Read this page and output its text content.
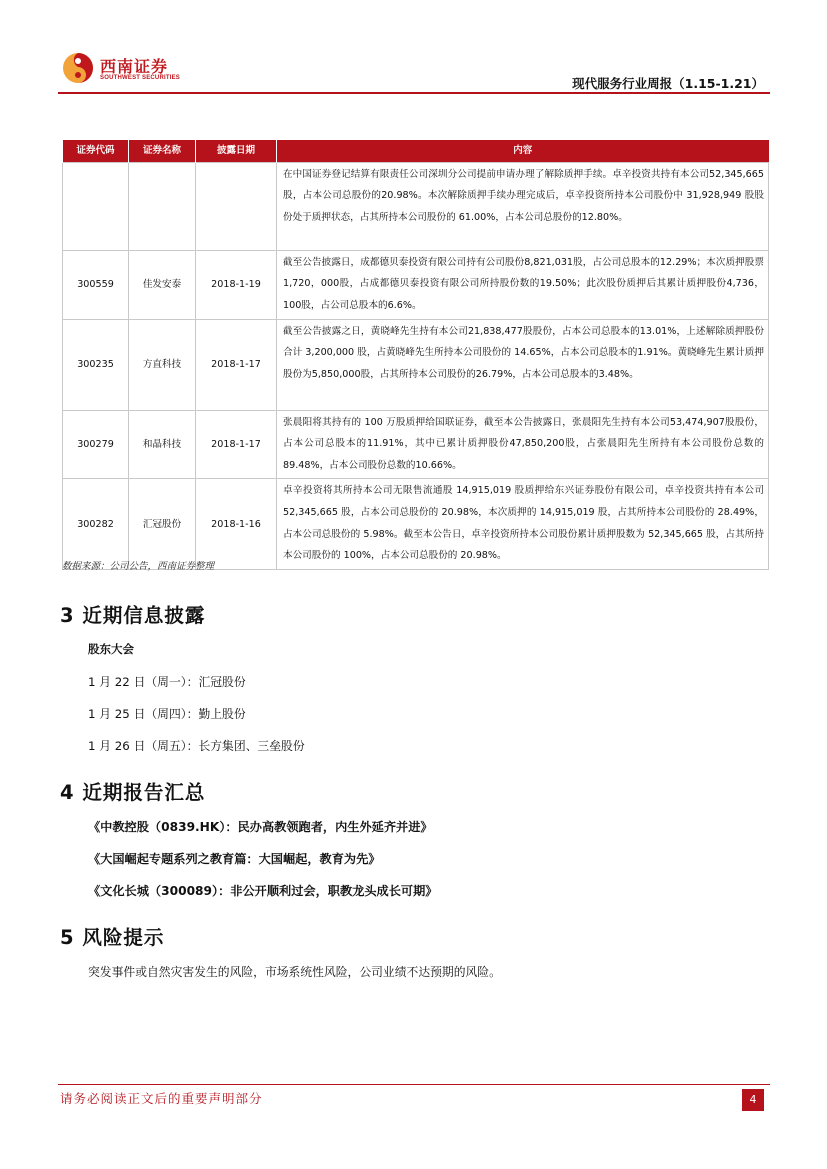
西南证券
SOUTHWEST SECURITIES	现代服务行业周报（1.15-1.21）
证券代码	证券名称	披露日期	内容
			在中国证券登记结算有限责任公司深圳分公司提前申请办理了解除质押手续。卓辛投资共持有本公司52,345,665股，占本公司总股份的20.98%。本次解除质押手续办理完成后，卓辛投资所持本公司股份中 31,928,949 股股份处于质押状态，占其所持本公司股份的 61.00%，占本公司总股份的12.80%。
300559	佳发安泰	2018-1-19	截至公告披露日，成都德贝泰投资有限公司持有公司股份8,821,031股，占公司总股本的12.29%；本次质押股票1,720，000股，占成都德贝泰投资有限公司所持股份数的19.50%；此次股份质押后其累计质押股份4,736，100股，占公司总股本的6.6%。
300235	方直科技	2018-1-17	截至公告披露之日，黄晓峰先生持有本公司21,838,477股股份，占本公司总股本的13.01%，上述解除质押股份合计 3,200,000 股，占黄晓峰先生所持本公司股份的 14.65%，占本公司总股本的1.91%。黄晓峰先生累计质押股份为5,850,000股，占其所持本公司股份的26.79%，占本公司总股本的3.48%。
300279	和晶科技	2018-1-17	张晨阳将其持有的 100 万股质押给国联证券，截至本公告披露日，张晨阳先生持有本公司53,474,907股股份，占本公司总股本的11.91%，其中已累计质押股份47,850,200股，占张晨阳先生所持有本公司股份总数的89.48%，占本公司股份总数的10.66%。
300282	汇冠股份	2018-1-16	卓辛投资将其所持本公司无限售流通股 14,915,019 股质押给东兴证券股份有限公司，卓辛投资共持有本公司 52,345,665 股，占本公司总股份的 20.98%，本次质押的 14,915,019 股，占其所持本公司股份的 28.49%，占本公司总股份的 5.98%。截至本公告日，卓辛投资所持本公司股份累计质押股数为 52,345,665 股，占其所持本公司股份的 100%，占本公司总股份的 20.98%。
数据来源：公司公告，西南证券整理
3 近期信息披露
股东大会
1 月 22 日（周一）：汇冠股份
1 月 25 日（周四）：勤上股份
1 月 26 日（周五）：长方集团、三垒股份
4 近期报告汇总
《中教控股（0839.HK）：民办高教领跑者，内生外延齐并进》
《大国崛起专题系列之教育篇：大国崛起，教育为先》
《文化长城（300089）：非公开顺利过会，职教龙头成长可期》
5 风险提示
突发事件或自然灾害发生的风险，市场系统性风险，公司业绩不达预期的风险。
请务必阅读正文后的重要声明部分	4
